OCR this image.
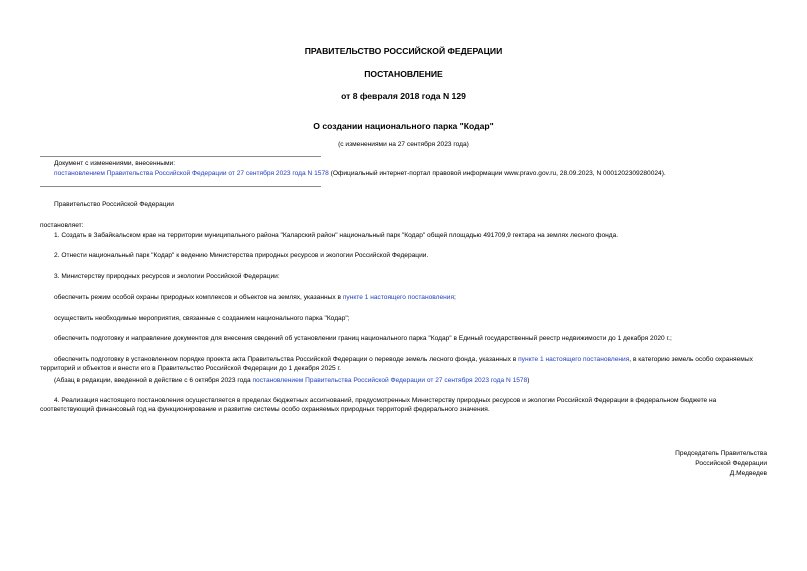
ПРАВИТЕЛЬСТВО РОССИЙСКОЙ ФЕДЕРАЦИИ
ПОСТАНОВЛЕНИЕ
от 8 февраля 2018 года N 129
О создании национального парка "Кодар"
(с изменениями на 27 сентября 2023 года)
Документ с изменениями, внесенными:
постановлением Правительства Российской Федерации от 27 сентября 2023 года N 1578 (Официальный интернет-портал правовой информации www.pravo.gov.ru, 28.09.2023, N 0001202309280024).
Правительство Российской Федерации
постановляет:
1. Создать в Забайкальском крае на территории муниципального района "Каларский район" национальный парк "Кодар" общей площадью 491709,9 гектара на землях лесного фонда.
2. Отнести национальный парк "Кодар" к ведению Министерства природных ресурсов и экологии Российской Федерации.
3. Министерству природных ресурсов и экологии Российской Федерации:
обеспечить режим особой охраны природных комплексов и объектов на землях, указанных в пункте 1 настоящего постановления;
осуществить необходимые мероприятия, связанные с созданием национального парка "Кодар";
обеспечить подготовку и направление документов для внесения сведений об установлении границ национального парка "Кодар" в Единый государственный реестр недвижимости до 1 декабря 2020 г.;
обеспечить подготовку в установленном порядке проекта акта Правительства Российской Федерации о переводе земель лесного фонда, указанных в пункте 1 настоящего постановления, в категорию земель особо охраняемых территорий и объектов и внести его в Правительство Российской Федерации до 1 декабря 2025 г.
(Абзац в редакции, введенной в действие с 6 октября 2023 года постановлением Правительства Российской Федерации от 27 сентября 2023 года N 1578)
4. Реализация настоящего постановления осуществляется в пределах бюджетных ассигнований, предусмотренных Министерству природных ресурсов и экологии Российской Федерации в федеральном бюджете на соответствующий финансовый год на функционирование и развитие системы особо охраняемых природных территорий федерального значения.
Председатель Правительства
Российской Федерации
Д.Медведев
